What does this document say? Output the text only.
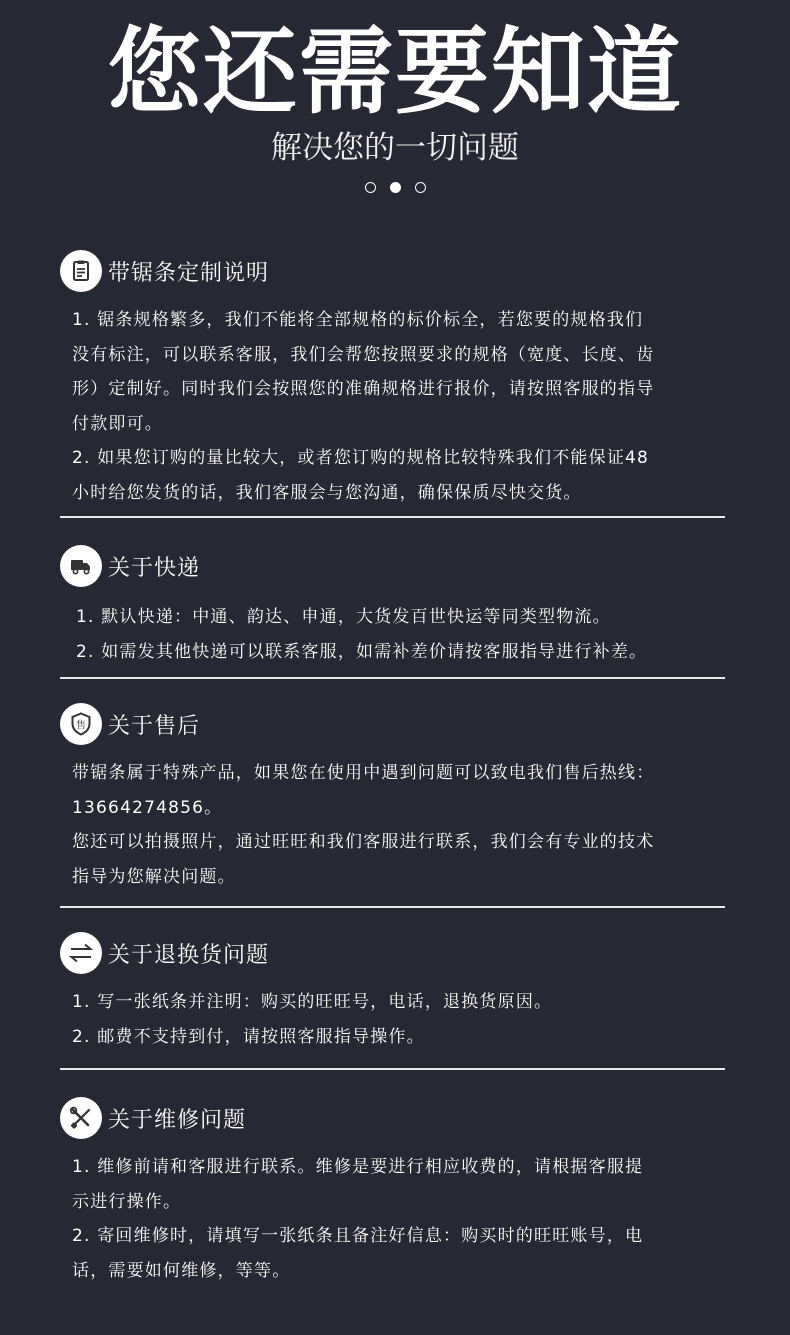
您还需要知道
解决您的一切问题
带锯条定制说明
1. 锯条规格繁多，我们不能将全部规格的标价标全，若您要的规格我们
没有标注，可以联系客服，我们会帮您按照要求的规格（宽度、长度、齿
形）定制好。同时我们会按照您的准确规格进行报价，请按照客服的指导
付款即可。
2. 如果您订购的量比较大，或者您订购的规格比较特殊我们不能保证48
小时给您发货的话，我们客服会与您沟通，确保保质尽快交货。
关于快递
1. 默认快递：中通、韵达、申通，大货发百世快运等同类型物流。
2. 如需发其他快递可以联系客服，如需补差价请按客服指导进行补差。
售 关于售后
带锯条属于特殊产品，如果您在使用中遇到问题可以致电我们售后热线：
13664274856。
您还可以拍摄照片，通过旺旺和我们客服进行联系，我们会有专业的技术
指导为您解决问题。
关于退换货问题
1. 写一张纸条并注明：购买的旺旺号，电话，退换货原因。
2. 邮费不支持到付，请按照客服指导操作。
关于维修问题
1. 维修前请和客服进行联系。维修是要进行相应收费的，请根据客服提
示进行操作。
2. 寄回维修时，请填写一张纸条且备注好信息：购买时的旺旺账号，电
话，需要如何维修，等等。
